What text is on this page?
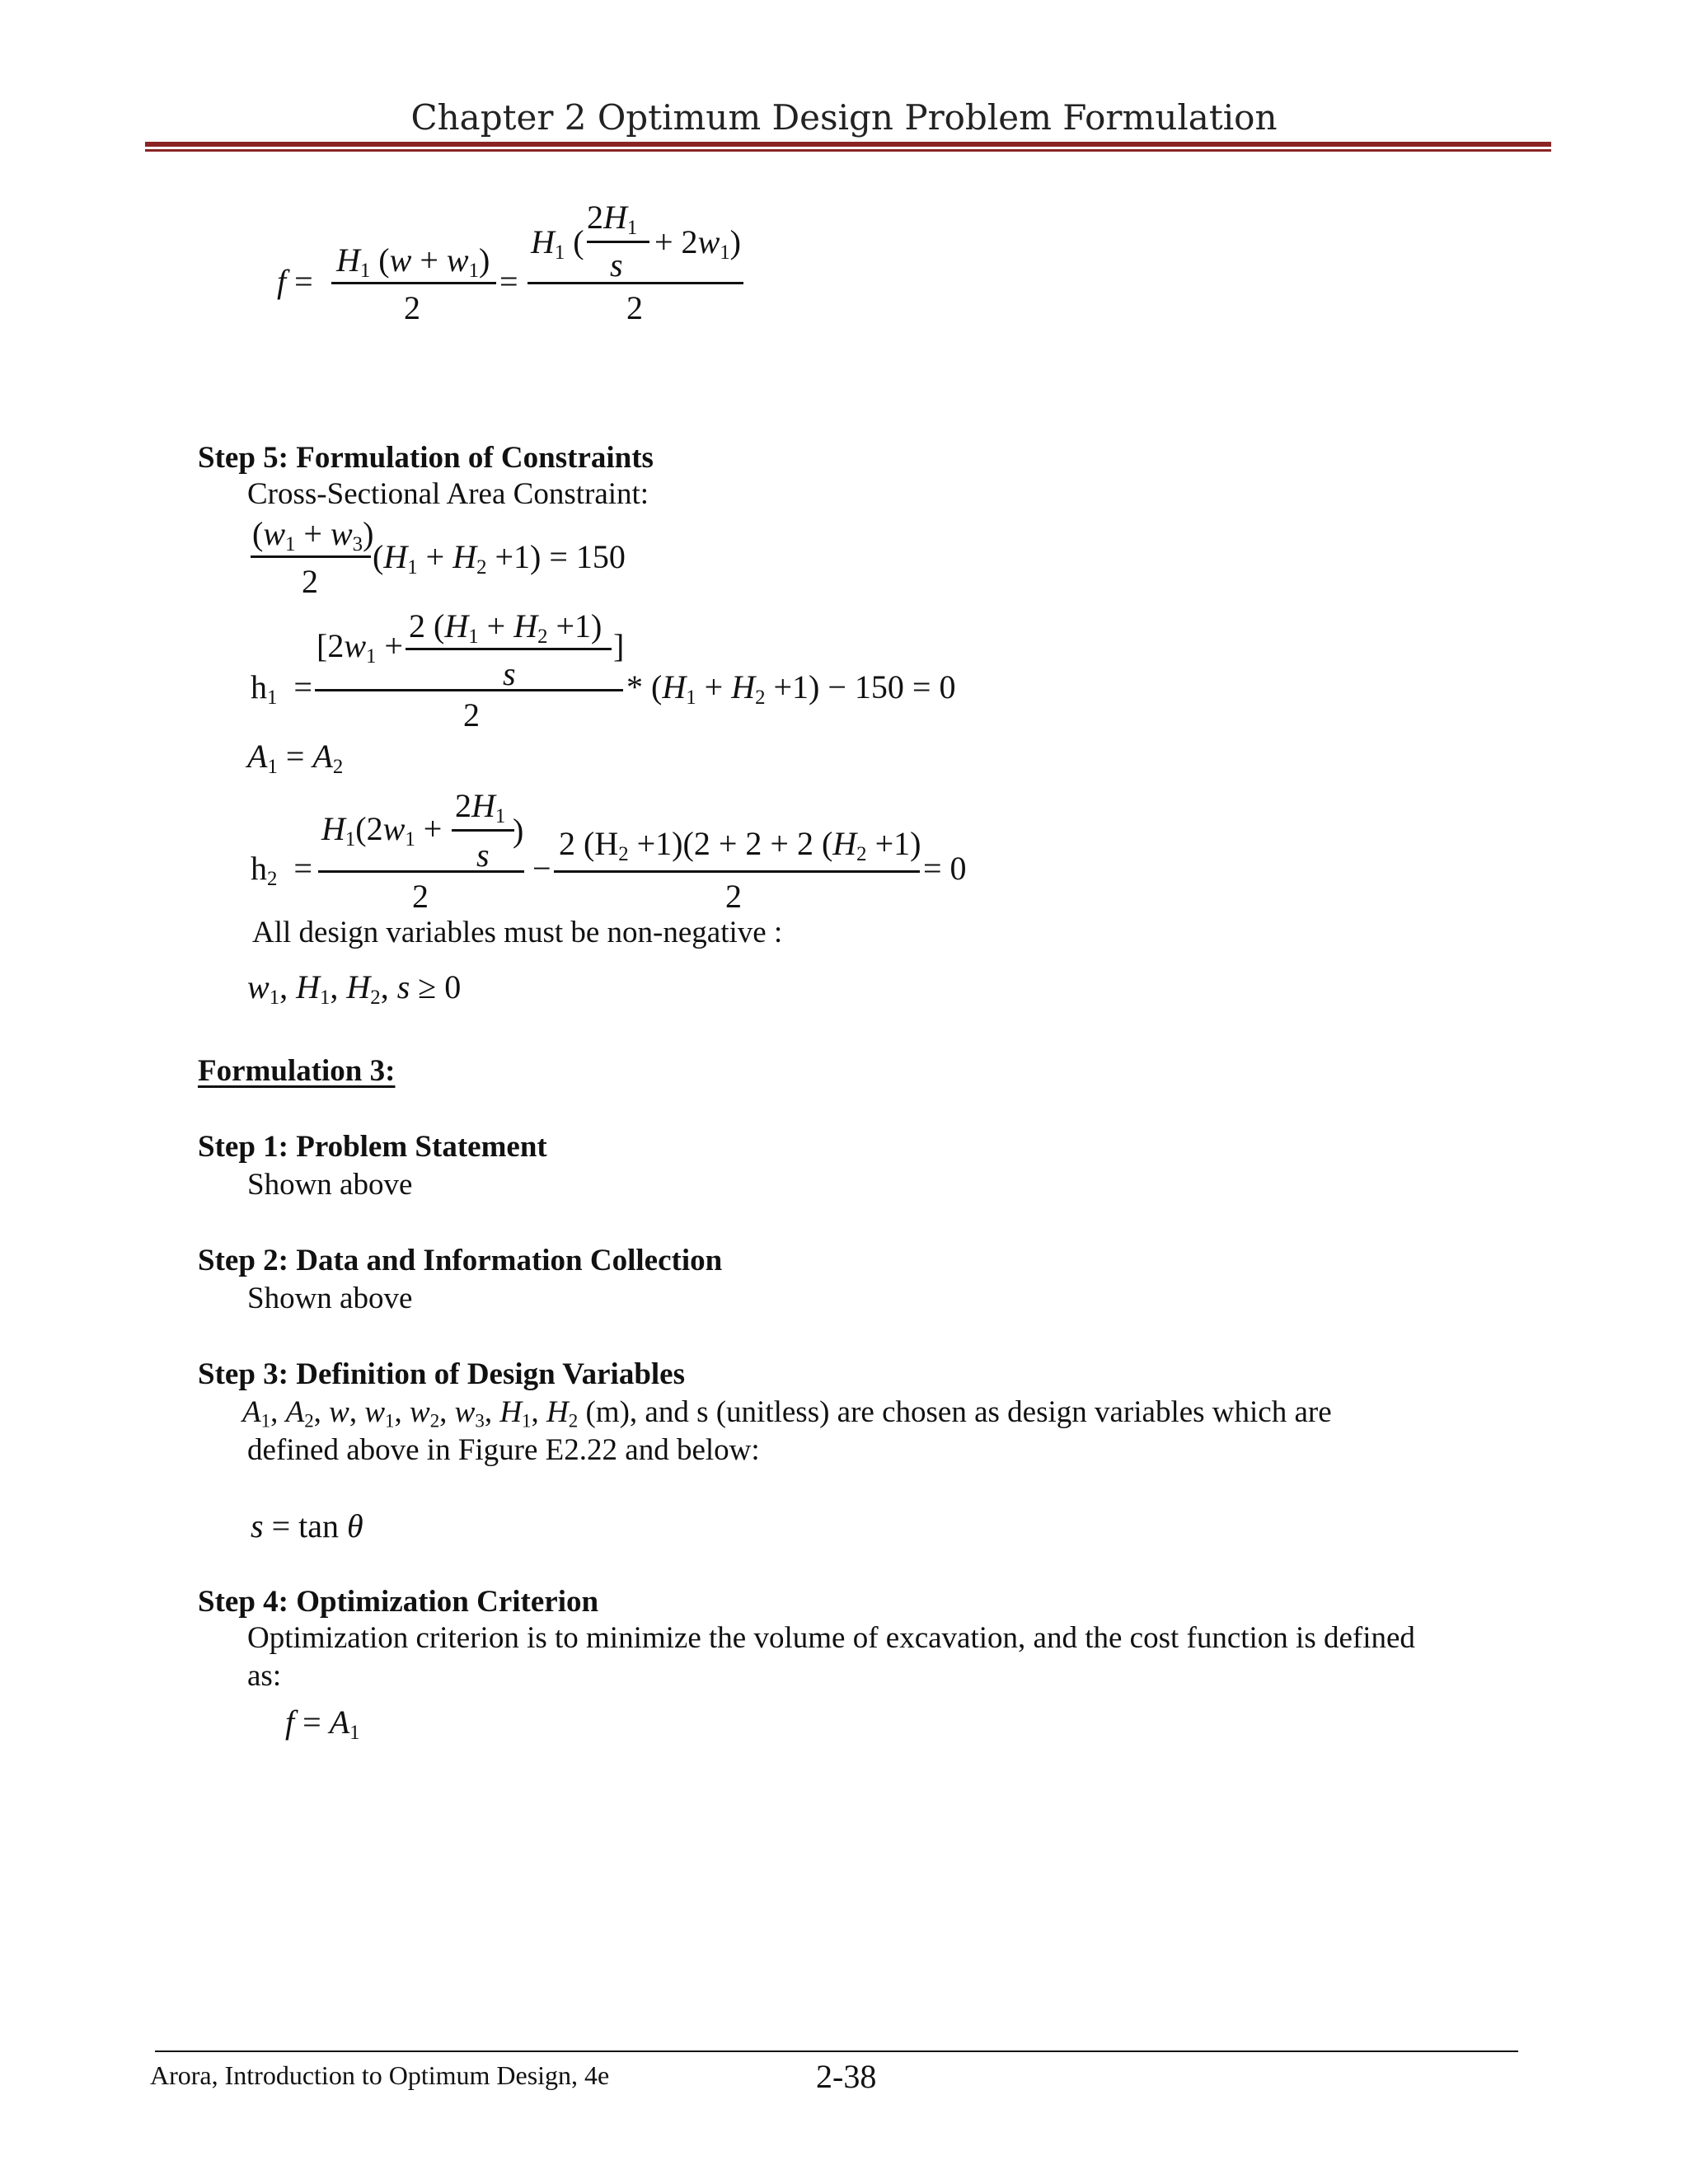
Chapter 2 Optimum Design Problem Formulation
f =
$H_1$ $(w + w_1)$
2
=
$2H_1$
$H_1$ (
s
+ $2w_1$)
2
Step 5: Formulation of Constraints
Cross-Sectional Area Constraint:
$(w_1 + w_3)$
2
$(H_1 + H_2 +1) = 150$
2 $(H_1 + H_2 +1)$
[$2w_1$ +
s
]
$h_1$  =
2
* $(H_1 + H_2 +1) - 150 = 0$
$A_1 = A_2$
$2H_1$
$H_1(2w_1$ +
s
)
$h_2$  =
2
−
2 $(H_2 +1)(2 + 2 + 2$ $(H_2 +1)$
2
= 0
All design variables must be non-negative :
$w_1$, $H_1$, $H_2$, s ≥ 0
Formulation 3:
Step 1: Problem Statement
Shown above
Step 2: Data and Information Collection
Shown above
Step 3: Definition of Design Variables
$A_1$, $A_2$, w, $w_1$, $w_2$, $w_3$, $H_1$, $H_2$ (m), and s (unitless) are chosen as design variables which are
defined above in Figure E2.22 and below:
s = tan θ
Step 4: Optimization Criterion
Optimization criterion is to minimize the volume of excavation, and the cost function is defined
as:
$f = A_1$
Arora, Introduction to Optimum Design, 4e	2-38
